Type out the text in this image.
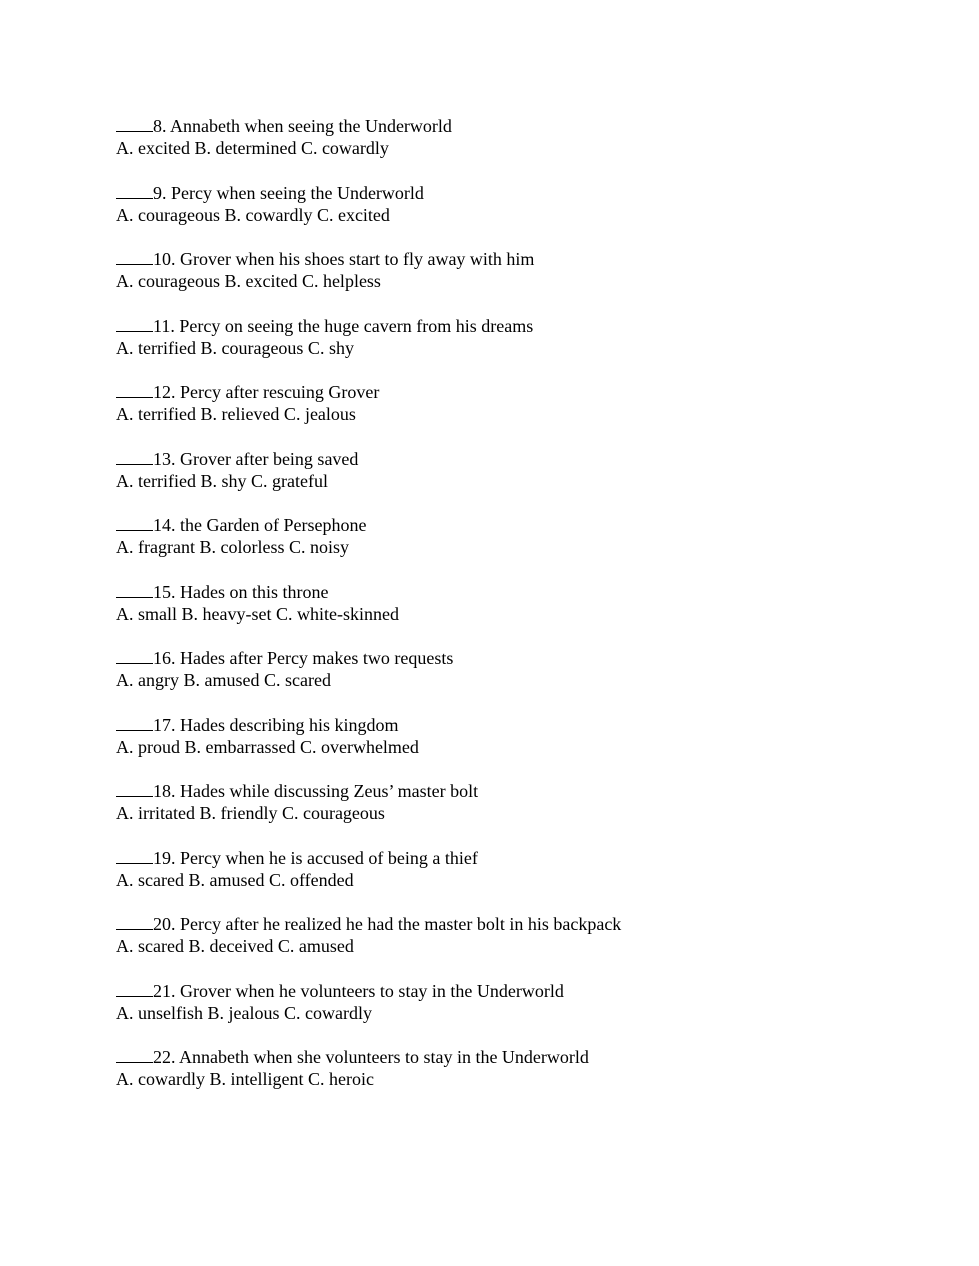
8. Annabeth when seeing the Underworld
A. excited B. determined C. cowardly
9. Percy when seeing the Underworld
A. courageous B. cowardly C. excited
10. Grover when his shoes start to fly away with him
A. courageous B. excited C. helpless
11. Percy on seeing the huge cavern from his dreams
A. terrified B. courageous C. shy
12. Percy after rescuing Grover
A. terrified B. relieved C. jealous
13. Grover after being saved
A. terrified B. shy C. grateful
14. the Garden of Persephone
A. fragrant B. colorless C. noisy
15. Hades on this throne
A. small B. heavy-set C. white-skinned
16. Hades after Percy makes two requests
A. angry B. amused C. scared
17. Hades describing his kingdom
A. proud B. embarrassed C. overwhelmed
18. Hades while discussing Zeus’ master bolt
A. irritated B. friendly C. courageous
19. Percy when he is accused of being a thief
A. scared B. amused C. offended
20. Percy after he realized he had the master bolt in his backpack
A. scared B. deceived C. amused
21. Grover when he volunteers to stay in the Underworld
A. unselfish B. jealous C. cowardly
22. Annabeth when she volunteers to stay in the Underworld
A. cowardly B. intelligent C. heroic
